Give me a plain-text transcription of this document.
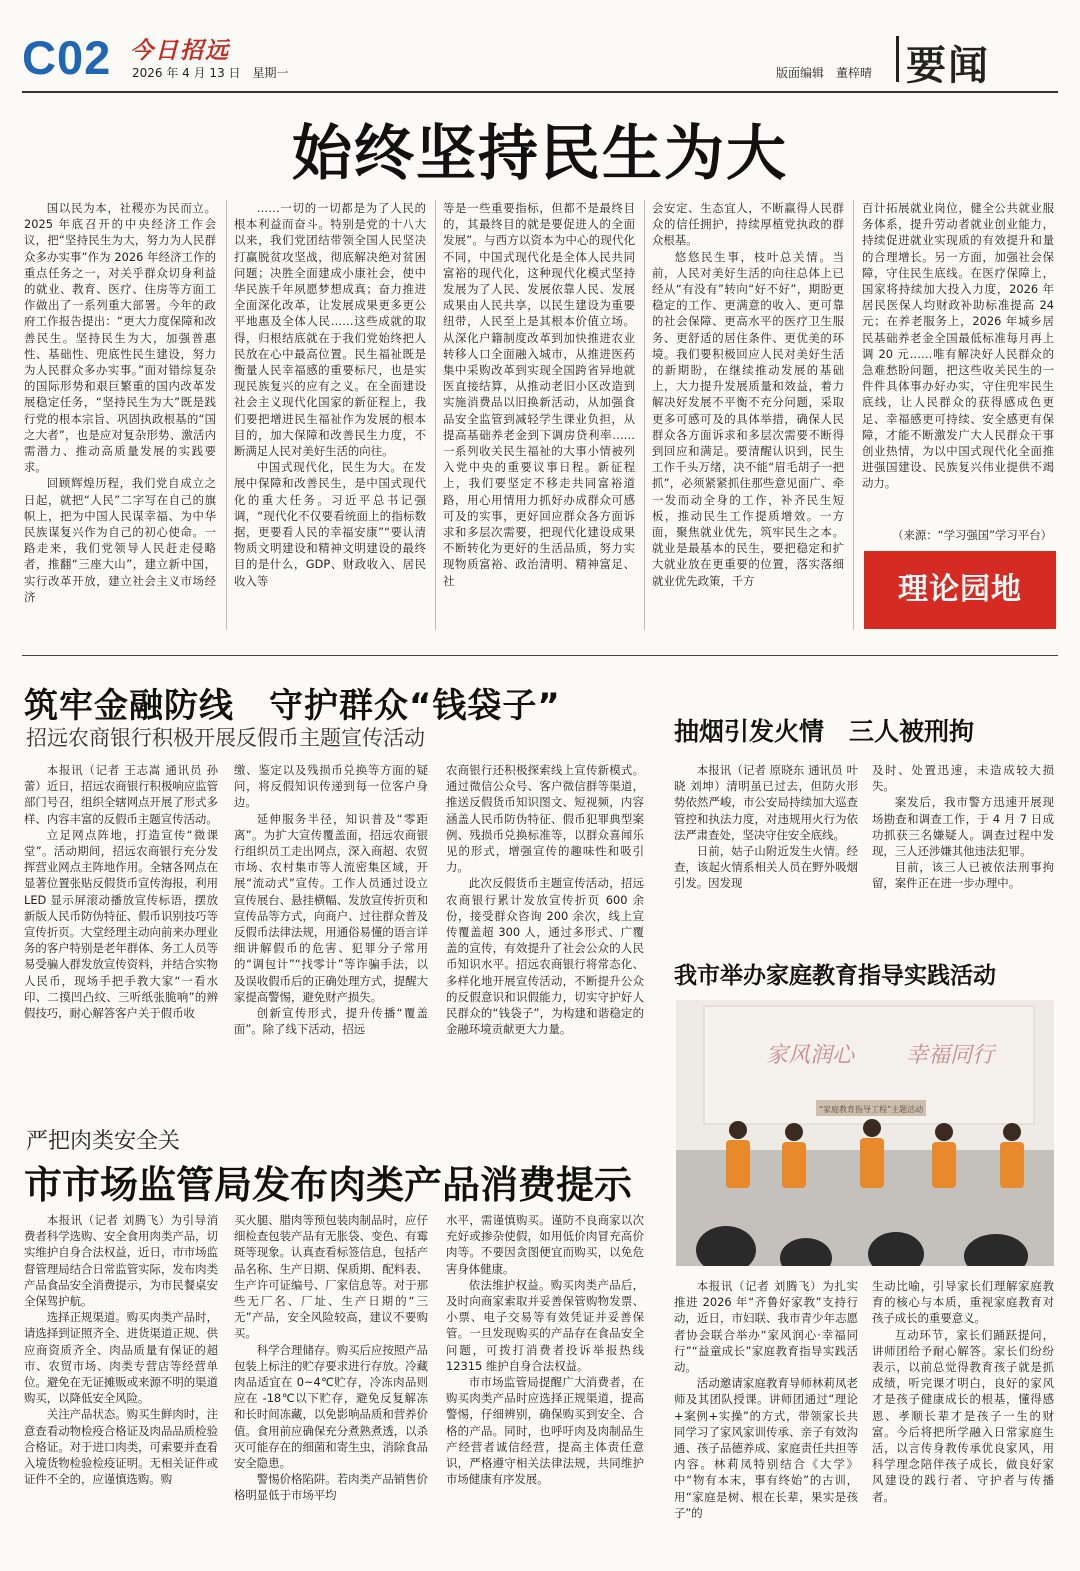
C02 今日招远
2026 年 4 月 13 日　星期一	版面编辑　董梓晴 要闻
始终坚持民生为大

国以民为本，社稷亦为民而立。2025 年底召开的中央经济工作会议，把“坚持民生为大，努力为人民群众多办实事”作为 2026 年经济工作的重点任务之一，对关乎群众切身利益的就业、教育、医疗、住房等方面工作做出了一系列重大部署。今年的政府工作报告提出：“更大力度保障和改善民生。坚持民生为大，加强普惠性、基础性、兜底性民生建设，努力为人民群众多办实事。”面对错综复杂的国际形势和艰巨繁重的国内改革发展稳定任务，“坚持民生为大”既是践行党的根本宗旨、巩固执政根基的“国之大者”，也是应对复杂形势、激活内需潜力、推动高质量发展的实践要求。

回顾辉煌历程，我们党自成立之日起，就把“人民”二字写在自己的旗帜上，把为中国人民谋幸福、为中华民族谋复兴作为自己的初心使命。一路走来，我们党领导人民赶走侵略者，推翻“三座大山”，建立新中国，实行改革开放，建立社会主义市场经济

……一切的一切都是为了人民的根本利益而奋斗。特别是党的十八大以来，我们党团结带领全国人民坚决打赢脱贫攻坚战，彻底解决绝对贫困问题；决胜全面建成小康社会，使中华民族千年夙愿梦想成真；奋力推进全面深化改革，让发展成果更多更公平地惠及全体人民……这些成就的取得，归根结底就在于我们党始终把人民放在心中最高位置。民生福祉既是衡量人民幸福感的重要标尺，也是实现民族复兴的应有之义。在全面建设社会主义现代化国家的新征程上，我们要把增进民生福祉作为发展的根本目的，加大保障和改善民生力度，不断满足人民对美好生活的向往。

中国式现代化，民生为大。在发展中保障和改善民生，是中国式现代化的重大任务。习近平总书记强调，“现代化不仅要看统面上的指标数据，更要看人民的幸福安康”“要认清物质文明建设和精神文明建设的最终目的是什么，GDP、财政收入、居民收入等

等是一些重要指标，但都不是最终目的，其最终目的就是要促进人的全面发展”。与西方以资本为中心的现代化不同，中国式现代化是全体人民共同富裕的现代化，这种现代化模式坚持发展为了人民、发展依靠人民、发展成果由人民共享，以民生建设为重要纽带，人民至上是其根本价值立场。从深化户籍制度改革到加快推进农业转移人口全面融入城市，从推进医药集中采购改革到实现全国跨省异地就医直接结算，从推动老旧小区改造到实施消费品以旧换新活动，从加强食品安全监管到减轻学生课业负担，从提高基础养老金到下调房贷利率……一系列收关民生福祉的大事小情被列入党中央的重要议事日程。新征程上，我们要坚定不移走共同富裕道路，用心用情用力抓好办成群众可感可及的实事，更好回应群众各方面诉求和多层次需要，把现代化建设成果不断转化为更好的生活品质，努力实现物质富裕、政治清明、精神富足、社

会安定、生态宜人，不断赢得人民群众的信任拥护，持续厚植党执政的群众根基。

悠悠民生事，枝叶总关情。当前，人民对美好生活的向往总体上已经从“有没有”转向“好不好”，期盼更稳定的工作、更满意的收入、更可靠的社会保障、更高水平的医疗卫生服务、更舒适的居住条件、更优美的环境。我们要积极回应人民对美好生活的新期盼，在继续推动发展的基础上，大力提升发展质量和效益，着力解决好发展不平衡不充分问题，采取更多可感可及的具体举措，确保人民群众各方面诉求和多层次需要不断得到回应和满足。要清醒认识到，民生工作千头万绪，决不能“眉毛胡子一把抓”，必须紧紧抓住那些意见面广、牵一发而动全身的工作，补齐民生短板，推动民生工作提质增效。一方面，聚焦就业优先，筑牢民生之本。就业是最基本的民生，要把稳定和扩大就业放在更重要的位置，落实落细就业优先政策，千方

百计拓展就业岗位，健全公共就业服务体系，提升劳动者就业创业能力，持续促进就业实现质的有效提升和量的合理增长。另一方面，加强社会保障，守住民生底线。在医疗保障上，国家将持续加大投入力度，2026 年居民医保人均财政补助标准提高 24 元；在养老服务上，2026 年城乡居民基础养老金全国最低标准每月再上调 20 元……唯有解决好人民群众的急难愁盼问题，把这些收关民生的一件件具体事办好办实，守住兜牢民生底线，让人民群众的获得感成色更足、幸福感更可持续、安全感更有保障，才能不断激发广大人民群众干事创业热情，为以中国式现代化全面推进强国建设、民族复兴伟业提供不竭动力。

（来源：“学习强国”学习平台）
理论园地
筑牢金融防线　守护群众“钱袋子”
招远农商银行积极开展反假币主题宣传活动

本报讯（记者 王志嵩 通讯员 孙蕾）近日，招远农商银行积极响应监管部门号召，组织全辖网点开展了形式多样、内容丰富的反假币主题宣传活动。

立足网点阵地，打造宣传“微课堂”。活动期间，招远农商银行充分发挥营业网点主阵地作用。全辖各网点在显著位置张贴反假货币宣传海报，利用 LED 显示屏滚动播放宣传标语，摆放新版人民币防伪特征、假币识别技巧等宣传折页。大堂经理主动向前来办理业务的客户特别是老年群体、务工人员等易受骗人群发放宣传资料，并结合实物人民币，现场手把手教大家“一看水印、二摸凹凸纹、三听纸张脆响”的辨假技巧，耐心解答客户关于假币收

缴、鉴定以及残损币兑换等方面的疑问，将反假知识传递到每一位客户身边。

延伸服务半径，知识普及“零距离”。为扩大宣传覆盖面，招远农商银行组织员工走出网点，深入商超、农贸市场、农村集市等人流密集区域，开展“流动式”宣传。工作人员通过设立宣传展台、悬挂横幅、发放宣传折页和宣传品等方式，向商户、过往群众普及反假币法律法规，用通俗易懂的语言详细讲解假币的危害、犯罪分子常用的“调包计”“找零计”等诈骗手法，以及误收假币后的正确处理方式，提醒大家提高警惕，避免财产损失。

创新宣传形式，提升传播“覆盖面”。除了线下活动，招远

农商银行还积极探索线上宣传新模式。通过微信公众号、客户微信群等渠道，推送反假货币知识图文、短视频，内容涵盖人民币防伪特征、假币犯罪典型案例、残损币兑换标准等，以群众喜闻乐见的形式，增强宣传的趣味性和吸引力。

此次反假货币主题宣传活动，招远农商银行累计发放宣传折页 600 余份，接受群众咨询 200 余次，线上宣传覆盖超 300 人，通过多形式、广覆盖的宣传，有效提升了社会公众的人民币知识水平。招远农商银行将常态化、多样化地开展宣传活动，不断提升公众的反假意识和识假能力，切实守护好人民群众的“钱袋子”，为构建和谐稳定的金融环境贡献更大力量。

抽烟引发火情　三人被刑拘

本报讯（记者 原晓东 通讯员 叶晓 刘坤）清明虽已过去，但防火形势依然严峻，市公安局持续加大巡查管控和执法力度，对违规用火行为依法严肃查处，坚决守住安全底线。

日前，姑子山附近发生火情。经查，该起火情系相关人员在野外吸烟引发。因发现

及时、处置迅速，未造成较大损失。

案发后，我市警方迅速开展现场勘查和调查工作，于 4 月 7 日成功抓获三名嫌疑人。调查过程中发现，三人还涉嫌其他违法犯罪。

目前，该三人已被依法刑事拘留，案件正在进一步办理中。

我市举办家庭教育指导实践活动
家风润心 幸福同行
“家庭教育指导工程”主题活动

本报讯（记者 刘腾飞）为扎实推进 2026 年“齐鲁好家教”支持行动，近日，市妇联、我市青少年志愿者协会联合举办“家风润心·幸福同行”“益童成长”家庭教育指导实践活动。

活动邀请家庭教育导师林莉凤老师及其团队授课。讲师团通过“理论+案例+实操”的方式，带领家长共同学习了家风家训传承、亲子有效沟通、孩子品德养成、家庭责任共担等内容。林莉凤特别结合《大学》中“物有本末，事有终始”的古训，用“家庭是树、根在长辈，果实是孩子”的

生动比喻，引导家长们理解家庭教育的核心与本质，重视家庭教育对孩子成长的重要意义。

互动环节，家长们踊跃提问，讲师团给予耐心解答。家长们纷纷表示，以前总觉得教育孩子就是抓成绩，听完课才明白，良好的家风才是孩子健康成长的根基，懂得感恩、孝顺长辈才是孩子一生的财富。今后将把所学融入日常家庭生活，以言传身教传承优良家风，用科学理念陪伴孩子成长，做良好家风建设的践行者、守护者与传播者。

严把肉类安全关
市市场监管局发布肉类产品消费提示

本报讯（记者 刘腾飞）为引导消费者科学选购、安全食用肉类产品，切实维护自身合法权益，近日，市市场监督管理局结合日常监管实际，发布肉类产品食品安全消费提示，为市民餐桌安全保驾护航。

选择正规渠道。购买肉类产品时，请选择到证照齐全、进货渠道正规、供应商资质齐全、肉品质量有保证的超市、农贸市场、肉类专营店等经营单位。避免在无证摊贩或来源不明的渠道购买，以降低安全风险。

关注产品状态。购买生鲜肉时，注意查看动物检疫合格证及肉品品质检验合格证。对于进口肉类，可索要并查看入境货物检验检疫证明。无相关证件或证件不全的，应谨慎选购。购

买火腿、腊肉等预包装肉制品时，应仔细检查包装产品有无胀袋、变色、有霉斑等现象。认真查看标签信息，包括产品名称、生产日期、保质期、配料表、生产许可证编号、厂家信息等。对于那些无厂名、厂址、生产日期的“三无”产品，安全风险较高，建议不要购买。

科学合理储存。购买后应按照产品包装上标注的贮存要求进行存放。冷藏肉品适宜在 0~4℃贮存，冷冻肉品则应在 -18℃以下贮存，避免反复解冻和长时间冻藏，以免影响品质和营养价值。食用前应确保充分煮熟煮透，以杀灭可能存在的细菌和寄生虫，消除食品安全隐患。

警惕价格陷阱。若肉类产品销售价格明显低于市场平均

水平，需谨慎购买。谨防不良商家以次充好或掺杂使假，如用低价肉冒充高价肉等。不要因贪图便宜而购买，以免危害身体健康。

依法维护权益。购买肉类产品后，及时向商家索取并妥善保管购物发票、小票、电子交易等有效凭证并妥善保管。一旦发现购买的产品存在食品安全问题，可拨打消费者投诉举报热线 12315 维护自身合法权益。

市市场监管局提醒广大消费者，在购买肉类产品时应选择正规渠道，提高警惕，仔细辨别，确保购买到安全、合格的产品。同时，也呼吁肉及肉制品生产经营者诚信经营，提高主体责任意识，严格遵守相关法律法规，共同维护市场健康有序发展。
